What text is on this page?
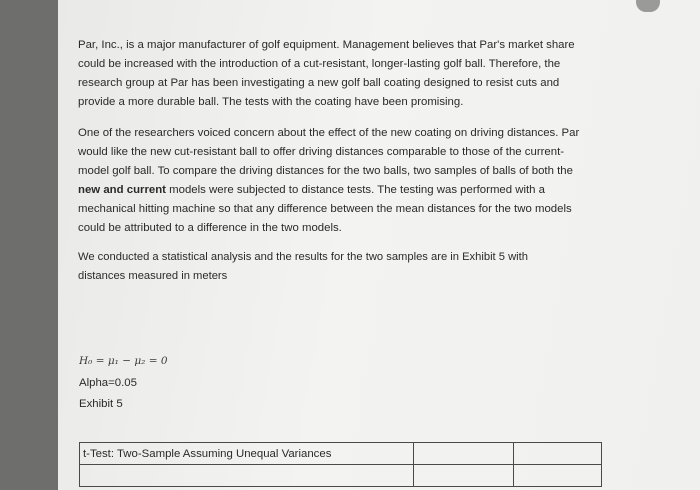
Par, Inc., is a major manufacturer of golf equipment. Management believes that Par's market share
could be increased with the introduction of a cut-resistant, longer-lasting golf ball. Therefore, the
research group at Par has been investigating a new golf ball coating designed to resist cuts and
provide a more durable ball. The tests with the coating have been promising.

One of the researchers voiced concern about the effect of the new coating on driving distances. Par
would like the new cut-resistant ball to offer driving distances comparable to those of the current-
model golf ball. To compare the driving distances for the two balls, two samples of balls of both the
new and current models were subjected to distance tests. The testing was performed with a
mechanical hitting machine so that any difference between the mean distances for the two models
could be attributed to a difference in the two models.

We conducted a statistical analysis and the results for the two samples are in Exhibit 5 with
distances measured in meters

H₀ = μ₁ − μ₂ = 0
Alpha=0.05
Exhibit 5
t-Test: Two-Sample Assuming Unequal Variances		
